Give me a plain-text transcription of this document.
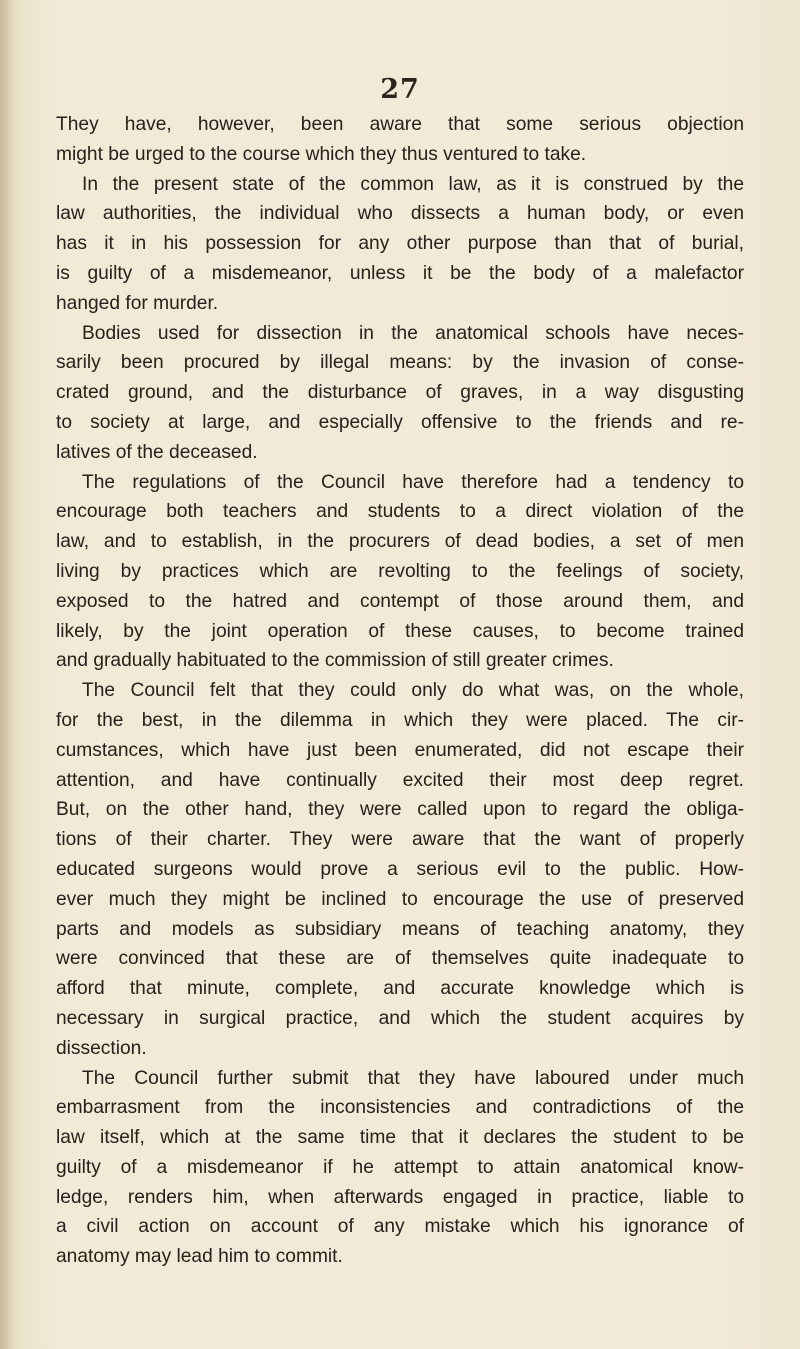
27
They have, however, been aware that some serious objection
might be urged to the course which they thus ventured to take.
In the present state of the common law, as it is construed by the
law authorities, the individual who dissects a human body, or even
has it in his possession for any other purpose than that of burial,
is guilty of a misdemeanor, unless it be the body of a malefactor
hanged for murder.
Bodies used for dissection in the anatomical schools have neces-
sarily been procured by illegal means: by the invasion of conse-
crated ground, and the disturbance of graves, in a way disgusting
to society at large, and especially offensive to the friends and re-
latives of the deceased.
The regulations of the Council have therefore had a tendency to
encourage both teachers and students to a direct violation of the
law, and to establish, in the procurers of dead bodies, a set of men
living by practices which are revolting to the feelings of society,
exposed to the hatred and contempt of those around them, and
likely, by the joint operation of these causes, to become trained
and gradually habituated to the commission of still greater crimes.
The Council felt that they could only do what was, on the whole,
for the best, in the dilemma in which they were placed. The cir-
cumstances, which have just been enumerated, did not escape their
attention, and have continually excited their most deep regret.
But, on the other hand, they were called upon to regard the obliga-
tions of their charter. They were aware that the want of properly
educated surgeons would prove a serious evil to the public. How-
ever much they might be inclined to encourage the use of preserved
parts and models as subsidiary means of teaching anatomy, they
were convinced that these are of themselves quite inadequate to
afford that minute, complete, and accurate knowledge which is
necessary in surgical practice, and which the student acquires by
dissection.
The Council further submit that they have laboured under much
embarrasment from the inconsistencies and contradictions of the
law itself, which at the same time that it declares the student to be
guilty of a misdemeanor if he attempt to attain anatomical know-
ledge, renders him, when afterwards engaged in practice, liable to
a civil action on account of any mistake which his ignorance of
anatomy may lead him to commit.
